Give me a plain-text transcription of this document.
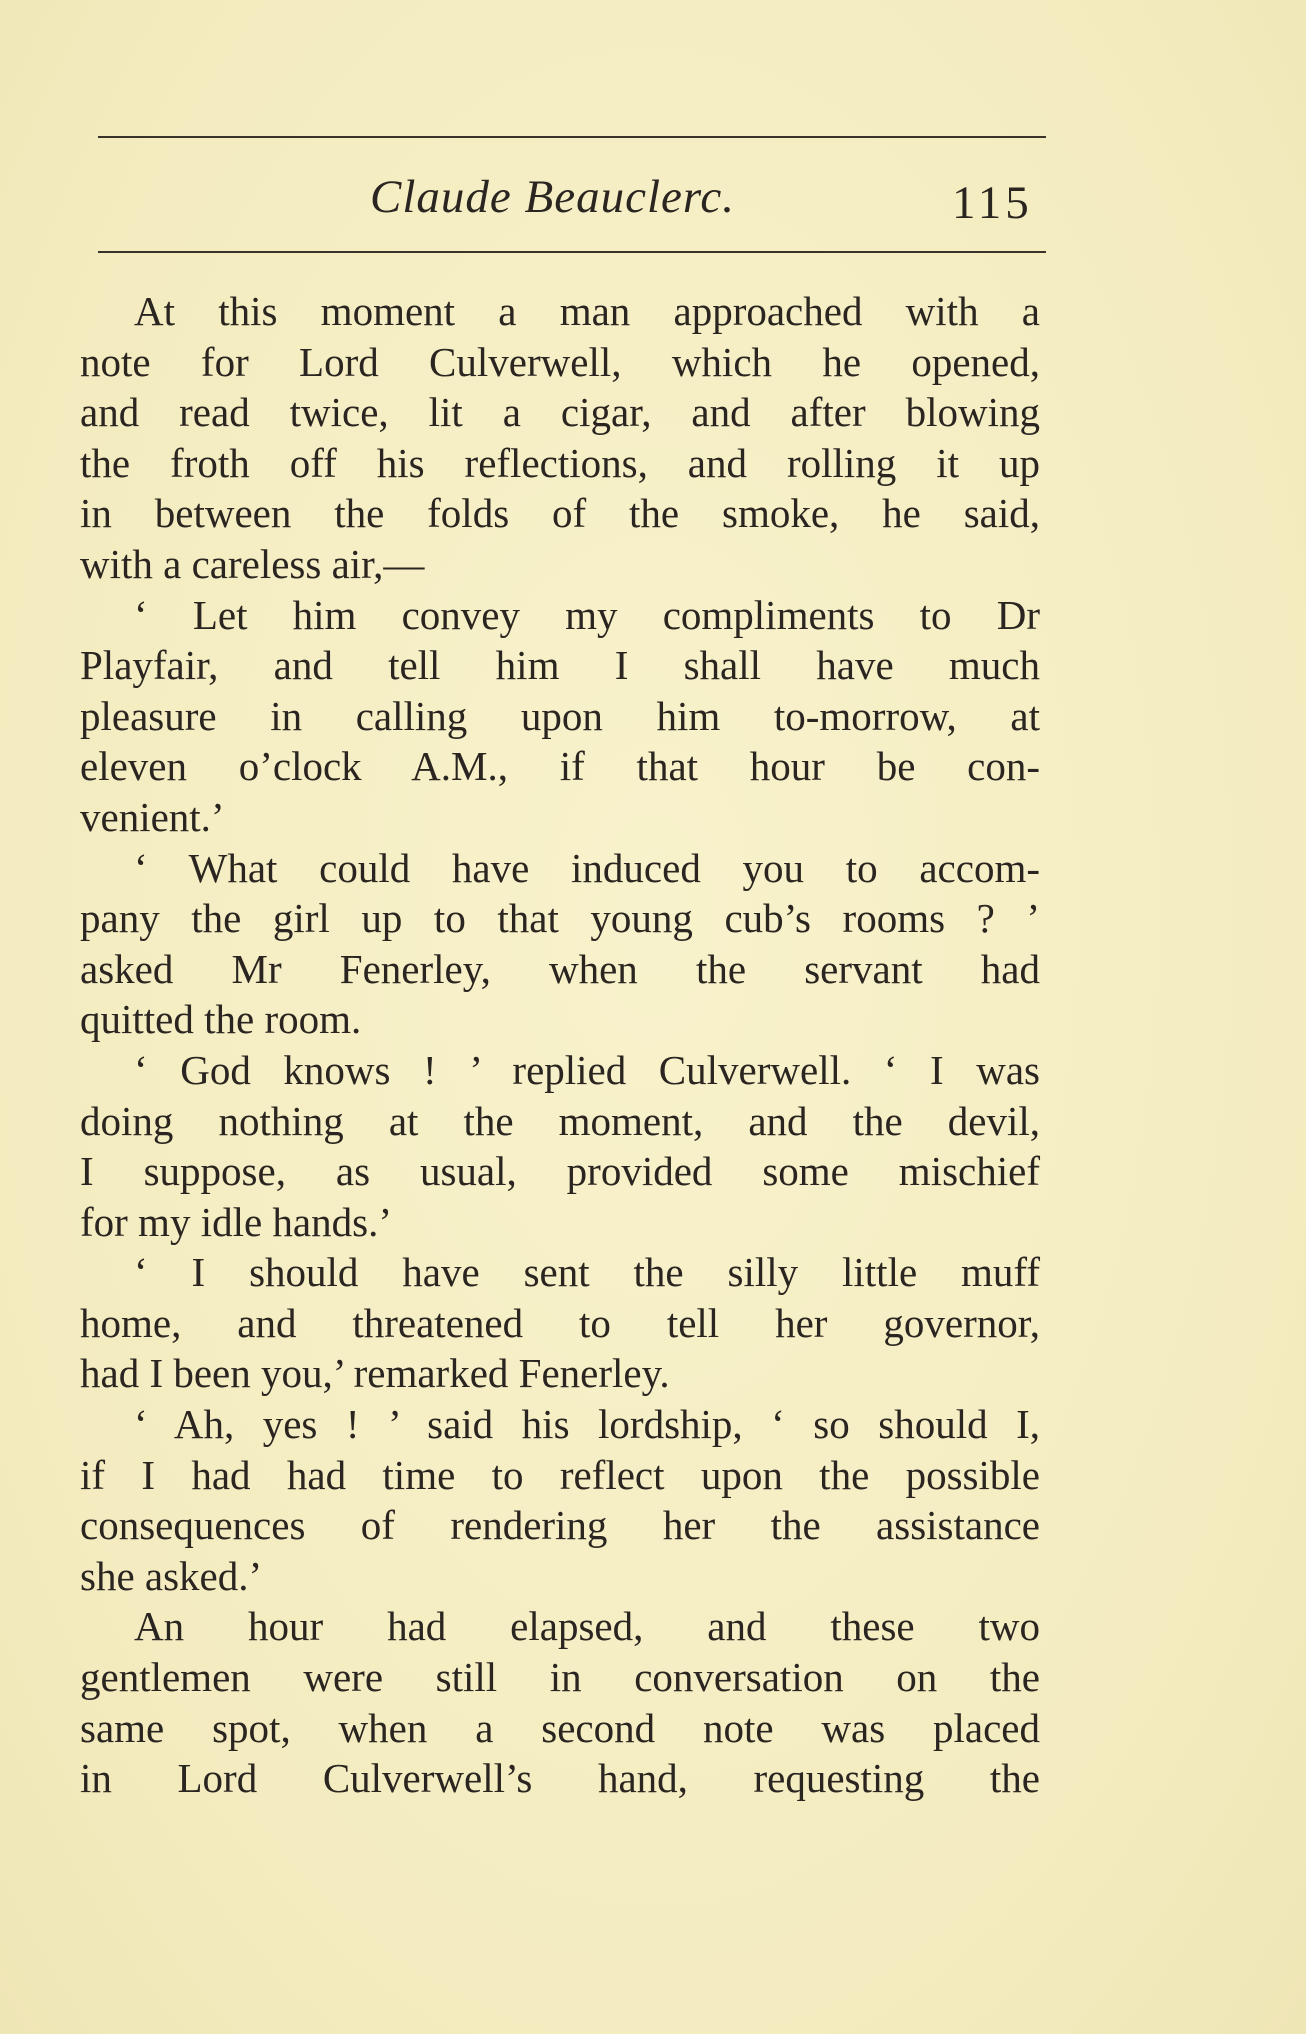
Claude Beauclerc.	115
At this moment a man approached with a
note for Lord Culverwell, which he opened,
and read twice, lit a cigar, and after blowing
the froth off his reflections, and rolling it up
in between the folds of the smoke, he said,
with a careless air,—
‘ Let him convey my compliments to Dr
Playfair, and tell him I shall have much
pleasure in calling upon him to-morrow, at
eleven o’clock A.M., if that hour be con-
venient.’
‘ What could have induced you to accom-
pany the girl up to that young cub’s rooms ? ’
asked Mr Fenerley, when the servant had
quitted the room.
‘ God knows ! ’ replied Culverwell. ‘ I was
doing nothing at the moment, and the devil,
I suppose, as usual, provided some mischief
for my idle hands.’
‘ I should have sent the silly little muff
home, and threatened to tell her governor,
had I been you,’ remarked Fenerley.
‘ Ah, yes ! ’ said his lordship, ‘ so should I,
if I had had time to reflect upon the possible
consequences of rendering her the assistance
she asked.’
An hour had elapsed, and these two
gentlemen were still in conversation on the
same spot, when a second note was placed
in Lord Culverwell’s hand, requesting the
